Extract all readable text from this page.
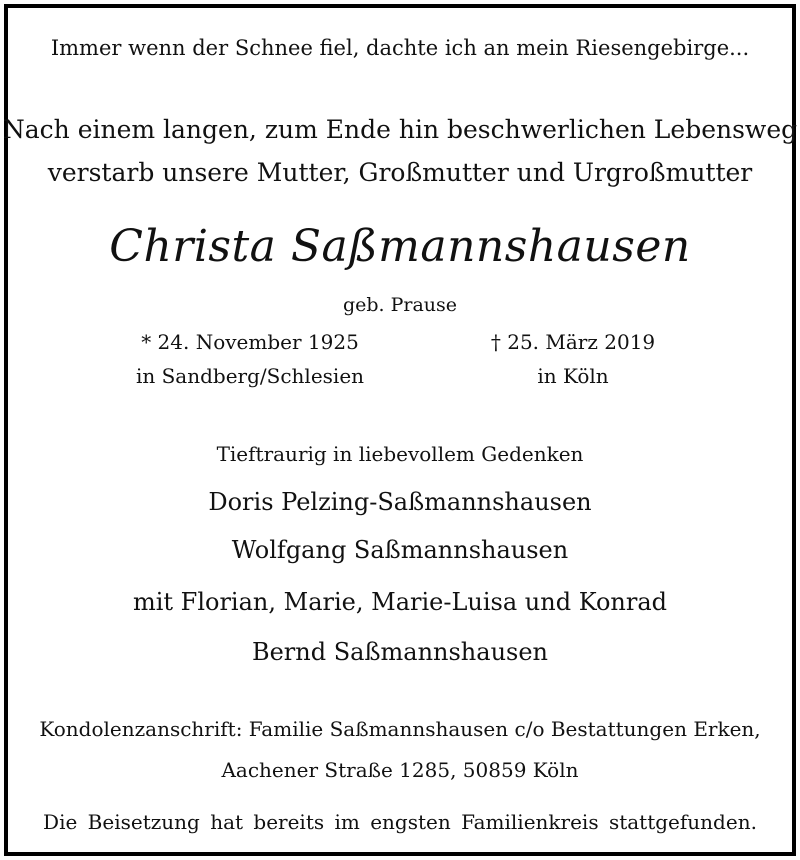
Immer wenn der Schnee fiel, dachte ich an mein Riesengebirge...
Nach einem langen, zum Ende hin beschwerlichen Lebensweg
verstarb unsere Mutter, Großmutter und Urgroßmutter
Christa Saßmannshausen
geb. Prause
* 24. November 1925
in Sandberg/Schlesien
† 25. März 2019
in Köln
Tieftraurig in liebevollem Gedenken
Doris Pelzing-Saßmannshausen
Wolfgang Saßmannshausen
mit Florian, Marie, Marie-Luisa und Konrad
Bernd Saßmannshausen
Kondolenzanschrift: Familie Saßmannshausen c/o Bestattungen Erken,
Aachener Straße 1285, 50859 Köln
Die Beisetzung hat bereits im engsten Familienkreis stattgefunden.
